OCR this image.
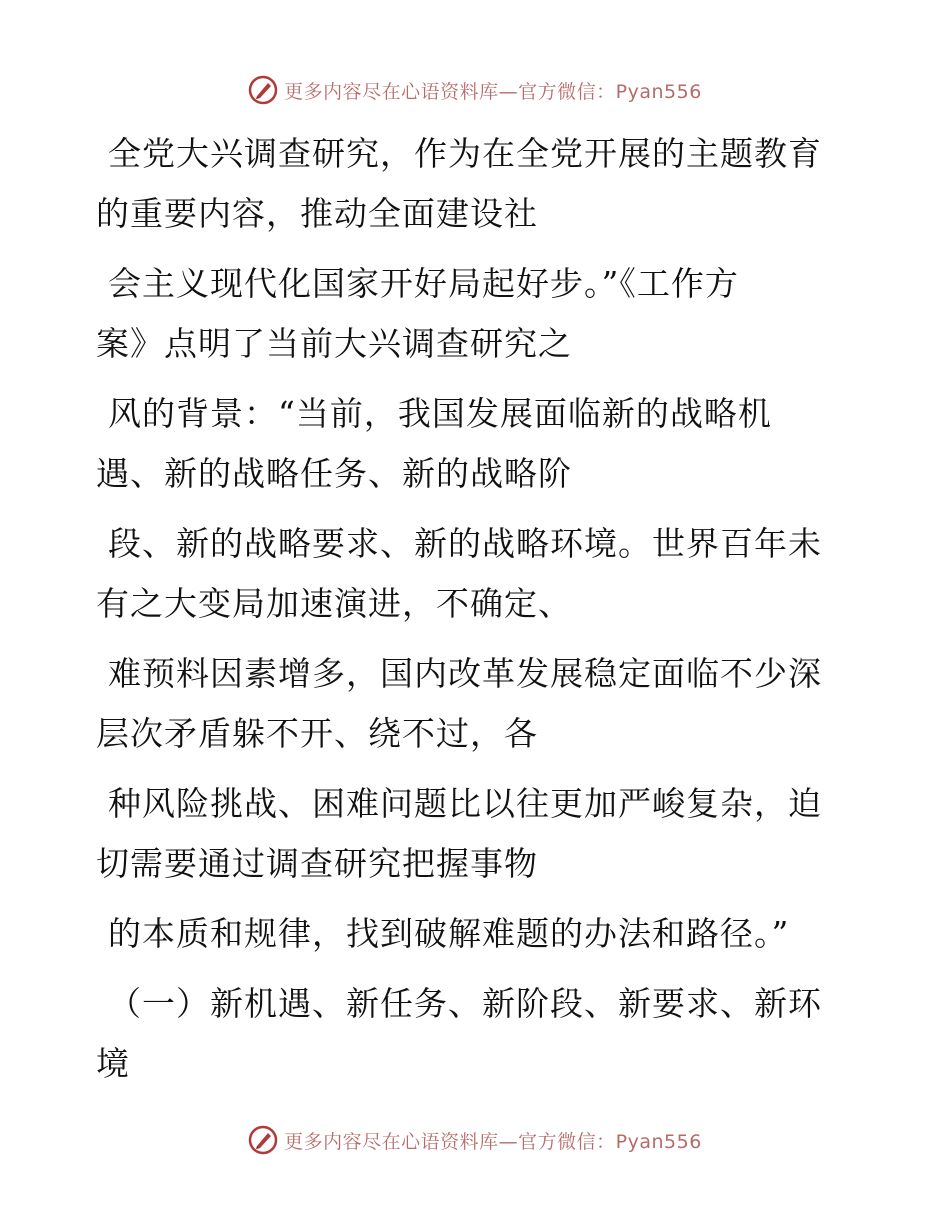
更多内容尽在心语资料库—官方微信：Pyan556

全党大兴调查研究，作为在全党开展的主题教育
的重要内容，推动全面建设社

会主义现代化国家开好局起好步。”《工作方
案》点明了当前大兴调查研究之

风的背景：“当前，我国发展面临新的战略机
遇、新的战略任务、新的战略阶

段、新的战略要求、新的战略环境。世界百年未
有之大变局加速演进，不确定、

难预料因素增多，国内改革发展稳定面临不少深
层次矛盾躲不开、绕不过，各

种风险挑战、困难问题比以往更加严峻复杂，迫
切需要通过调查研究把握事物

的本质和规律，找到破解难题的办法和路径。”

（一）新机遇、新任务、新阶段、新要求、新环
境

更多内容尽在心语资料库—官方微信：Pyan556
